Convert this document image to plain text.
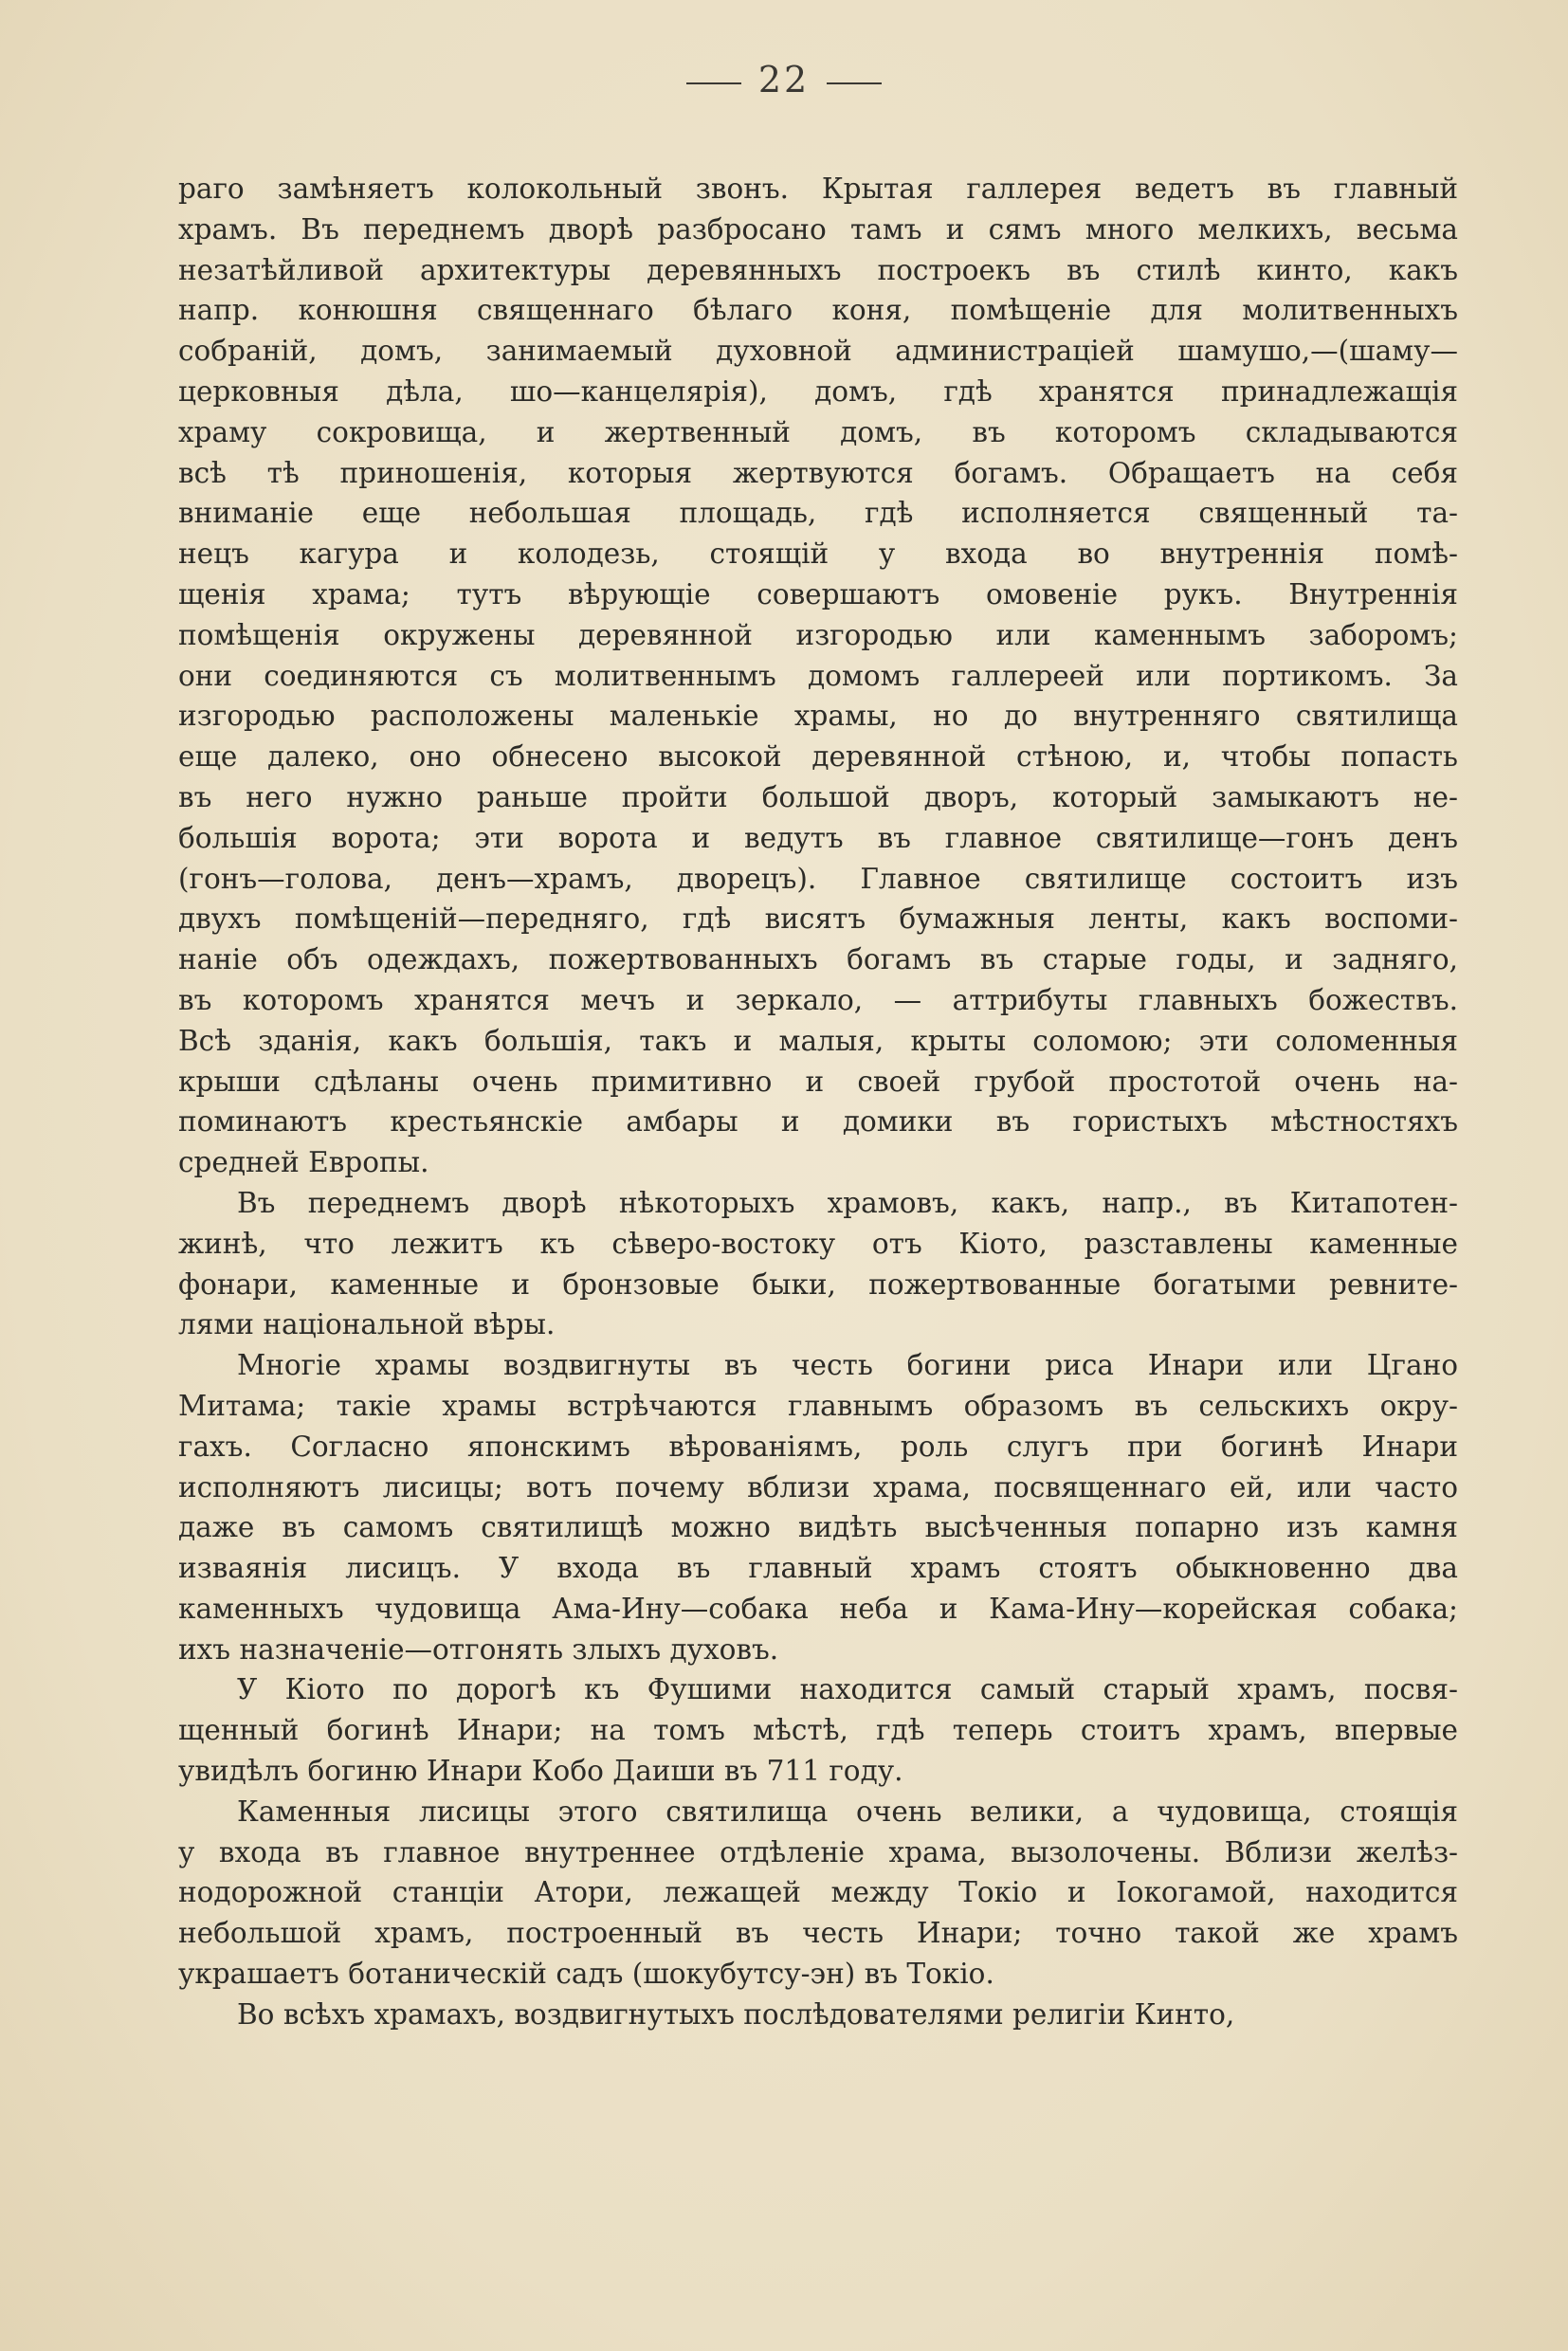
22
раго замѣняетъ колокольный звонъ. Крытая галлерея ведетъ въ главный
храмъ. Въ переднемъ дворѣ разбросано тамъ и сямъ много мелкихъ, весьма
незатѣйливой архитектуры деревянныхъ построекъ въ стилѣ кинто, какъ
напр. конюшня священнаго бѣлаго коня, помѣщеніе для молитвенныхъ
собраній, домъ, занимаемый духовной администраціей шамушо,—(шаму—
церковныя дѣла, шо—канцелярія), домъ, гдѣ хранятся принадлежащія
храму сокровища, и жертвенный домъ, въ которомъ складываются
всѣ тѣ приношенія, которыя жертвуются богамъ. Обращаетъ на себя
вниманіе еще небольшая площадь, гдѣ исполняется священный та-
нецъ кагура и колодезь, стоящій у входа во внутреннія помѣ-
щенія храма; тутъ вѣрующіе совершаютъ омовеніе рукъ. Внутреннія
помѣщенія окружены деревянной изгородью или каменнымъ заборомъ;
они соединяются съ молитвеннымъ домомъ галлереей или портикомъ. За
изгородью расположены маленькіе храмы, но до внутренняго святилища
еще далеко, оно обнесено высокой деревянной стѣною, и, чтобы попасть
въ него нужно раньше пройти большой дворъ, который замыкаютъ не-
большія ворота; эти ворота и ведутъ въ главное святилище—гонъ денъ
(гонъ—голова, денъ—храмъ, дворецъ). Главное святилище состоитъ изъ
двухъ помѣщеній—передняго, гдѣ висятъ бумажныя ленты, какъ воспоми-
наніе объ одеждахъ, пожертвованныхъ богамъ въ старые годы, и задняго,
въ которомъ хранятся мечъ и зеркало, — аттрибуты главныхъ божествъ.
Всѣ зданія, какъ большія, такъ и малыя, крыты соломою; эти соломенныя
крыши сдѣланы очень примитивно и своей грубой простотой очень на-
поминаютъ крестьянскіе амбары и домики въ гористыхъ мѣстностяхъ
средней Европы.
Въ переднемъ дворѣ нѣкоторыхъ храмовъ, какъ, напр., въ Китапотен-
жинѣ, что лежитъ къ сѣверо-востоку отъ Кіото, разставлены каменные
фонари, каменные и бронзовые быки, пожертвованные богатыми ревните-
лями національной вѣры.
Многіе храмы воздвигнуты въ честь богини риса Инари или Цгано
Митама; такіе храмы встрѣчаются главнымъ образомъ въ сельскихъ окру-
гахъ. Согласно японскимъ вѣрованіямъ, роль слугъ при богинѣ Инари
исполняютъ лисицы; вотъ почему вблизи храма, посвященнаго ей, или часто
даже въ самомъ святилищѣ можно видѣть высѣченныя попарно изъ камня
изваянія лисицъ. У входа въ главный храмъ стоятъ обыкновенно два
каменныхъ чудовища Ама-Ину—собака неба и Кама-Ину—корейская собака;
ихъ назначеніе—отгонять злыхъ духовъ.
У Кіото по дорогѣ къ Фушими находится самый старый храмъ, посвя-
щенный богинѣ Инари; на томъ мѣстѣ, гдѣ теперь стоитъ храмъ, впервые
увидѣлъ богиню Инари Кобо Даиши въ 711 году.
Каменныя лисицы этого святилища очень велики, а чудовища, стоящія
у входа въ главное внутреннее отдѣленіе храма, вызолочены. Вблизи желѣз-
нодорожной станціи Атори, лежащей между Токіо и Іокогамой, находится
небольшой храмъ, построенный въ честь Инари; точно такой же храмъ
украшаетъ ботаническій садъ (шокубутсу-эн) въ Токіо.
Во всѣхъ храмахъ, воздвигнутыхъ послѣдователями религіи Кинто,
